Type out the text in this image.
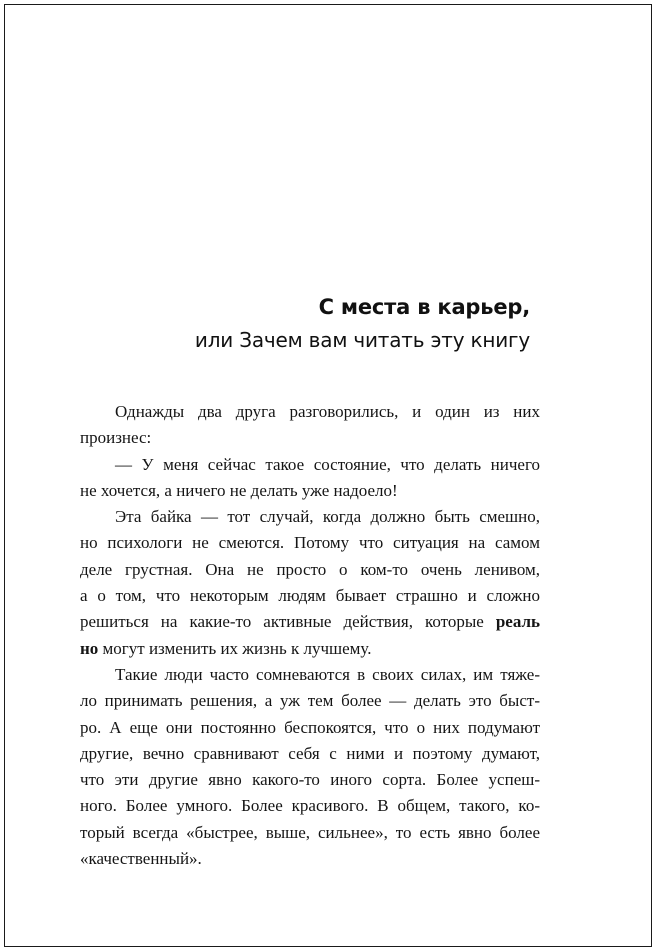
С места в карьер,
или Зачем вам читать эту книгу

Однажды два друга разговорились, и один из них
произнес:

— У меня сейчас такое состояние, что делать ничего
не хочется, а ничего не делать уже надоело!

Эта байка — тот случай, когда должно быть смешно,
но психологи не смеются. Потому что ситуация на самом
деле грустная. Она не просто о ком-то очень ленивом,
а о том, что некоторым людям бывает страшно и сложно
решиться на какие-то активные действия, которые реаль
но могут изменить их жизнь к лучшему.

Такие люди часто сомневаются в своих силах, им тяже-
ло принимать решения, а уж тем более — делать это быст-
ро. А еще они постоянно беспокоятся, что о них подумают
другие, вечно сравнивают себя с ними и поэтому думают,
что эти другие явно какого-то иного сорта. Более успеш-
ного. Более умного. Более красивого. В общем, такого, ко-
торый всегда «быстрее, выше, сильнее», то есть явно более
«качественный».
